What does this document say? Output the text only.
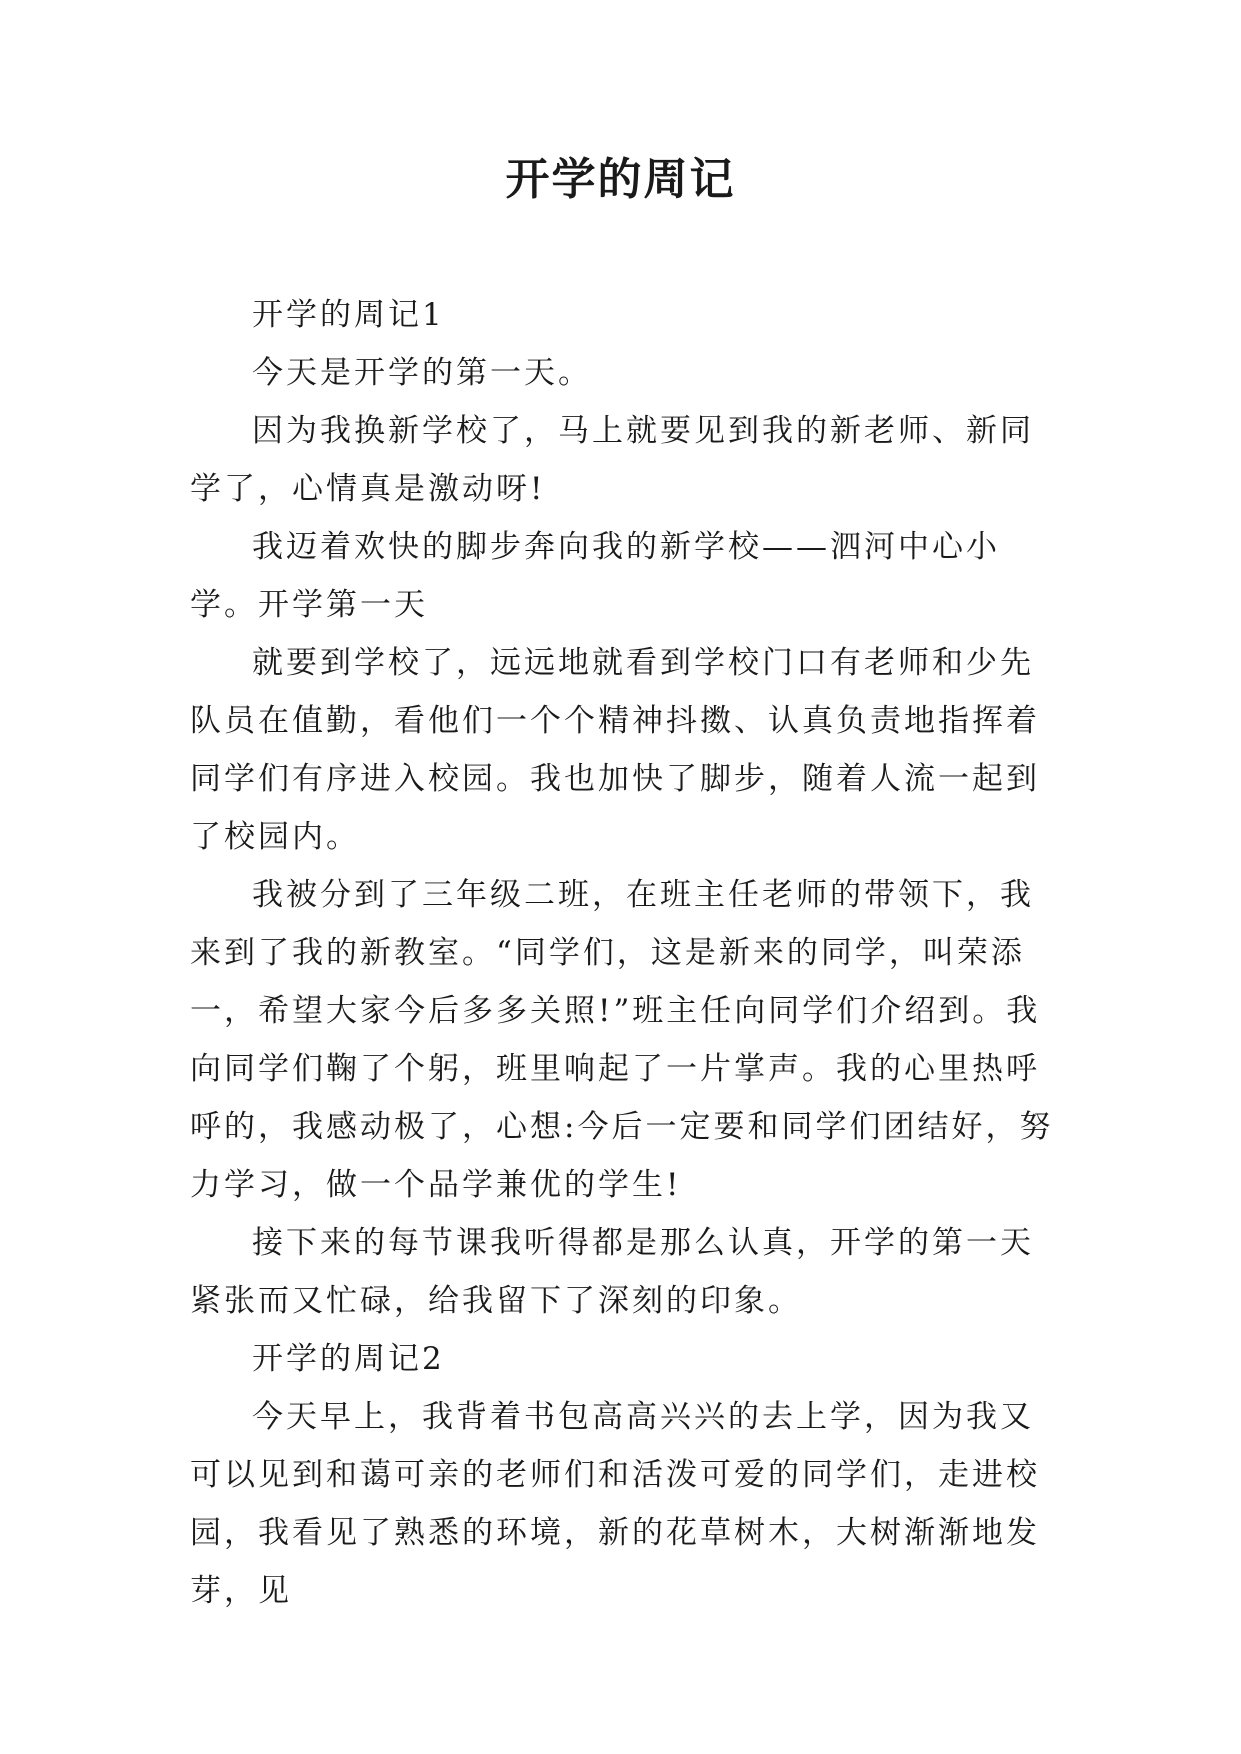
开学的周记

开学的周记1

今天是开学的第一天。

因为我换新学校了，马上就要见到我的新老师、新同学了，心情真是激动呀!

我迈着欢快的脚步奔向我的新学校——泗河中心小学。开学第一天

就要到学校了，远远地就看到学校门口有老师和少先队员在值勤，看他们一个个精神抖擞、认真负责地指挥着同学们有序进入校园。我也加快了脚步，随着人流一起到了校园内。

我被分到了三年级二班，在班主任老师的带领下，我来到了我的新教室。“同学们，这是新来的同学，叫荣添一，希望大家今后多多关照!”班主任向同学们介绍到。我向同学们鞠了个躬，班里响起了一片掌声。我的心里热呼呼的，我感动极了，心想:今后一定要和同学们团结好，努力学习，做一个品学兼优的学生!

接下来的每节课我听得都是那么认真，开学的第一天紧张而又忙碌，给我留下了深刻的印象。

开学的周记2

今天早上，我背着书包高高兴兴的去上学，因为我又可以见到和蔼可亲的老师们和活泼可爱的同学们，走进校园，我看见了熟悉的环境，新的花草树木，大树渐渐地发芽，见
